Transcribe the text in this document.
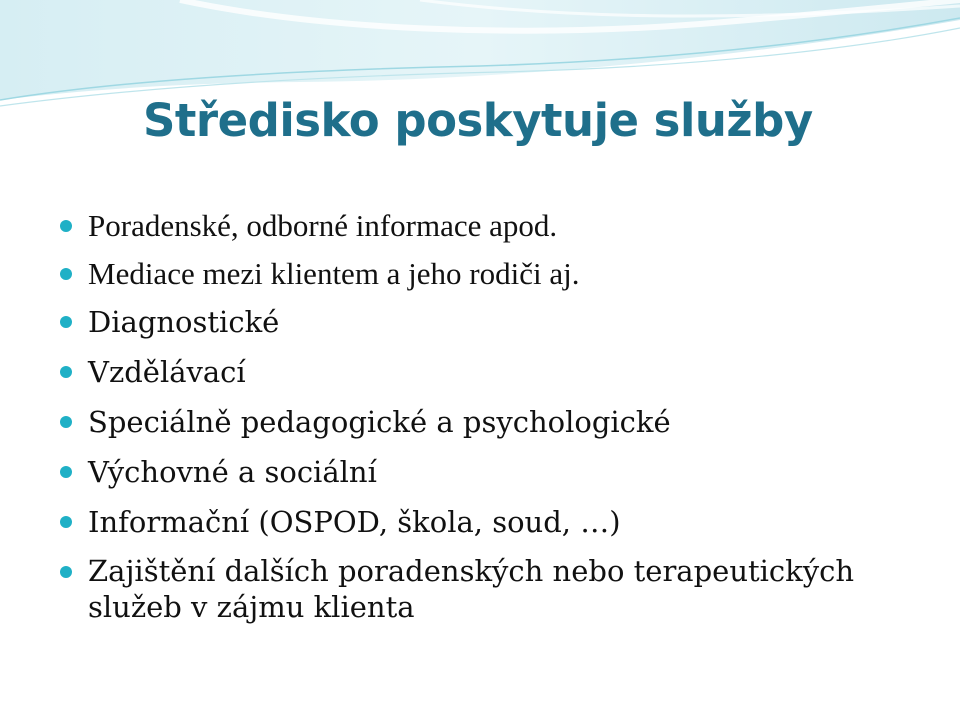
Středisko poskytuje služby
Poradenské, odborné informace apod.
Mediace mezi klientem a jeho rodiči aj.
Diagnostické
Vzdělávací
Speciálně pedagogické a psychologické
Výchovné a sociální
Informační (OSPOD, škola, soud, …)
Zajištění dalších poradenských nebo terapeutických služeb v zájmu klienta
